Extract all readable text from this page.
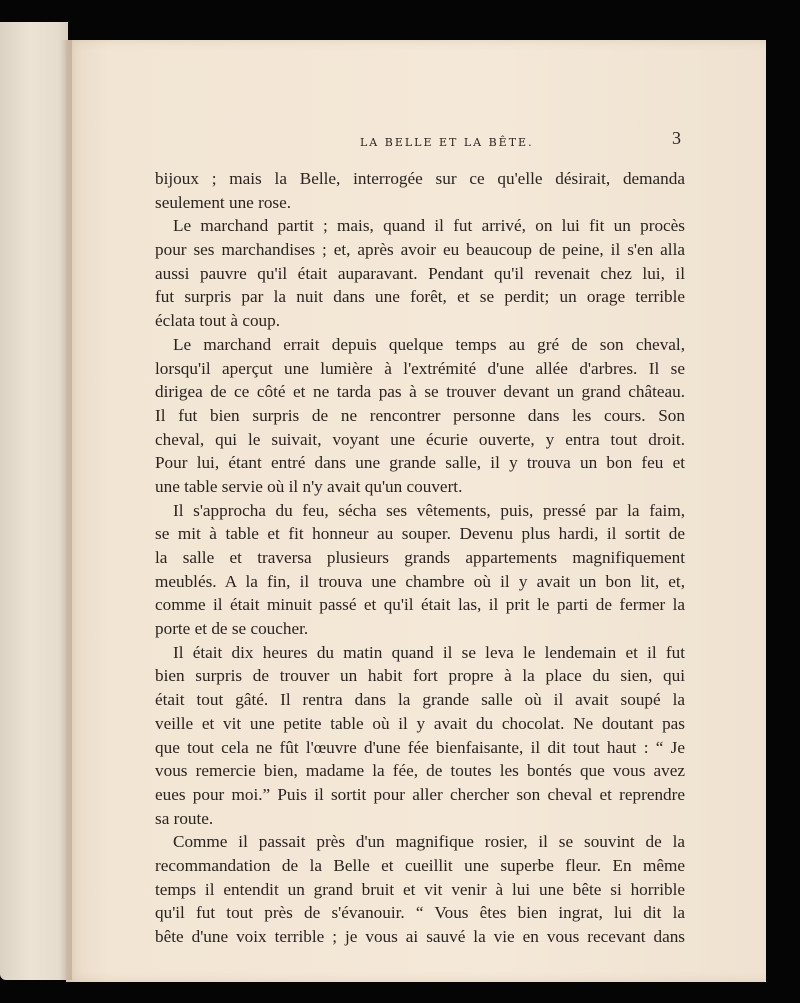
LA BELLE ET LA BÊTE.	3
bijoux ; mais la Belle, interrogée sur ce qu'elle désirait, demanda
seulement une rose.
Le marchand partit ; mais, quand il fut arrivé, on lui fit un procès
pour ses marchandises ; et, après avoir eu beaucoup de peine, il s'en alla
aussi pauvre qu'il était auparavant. Pendant qu'il revenait chez lui, il
fut surpris par la nuit dans une forêt, et se perdit; un orage terrible
éclata tout à coup.
Le marchand errait depuis quelque temps au gré de son cheval,
lorsqu'il aperçut une lumière à l'extrémité d'une allée d'arbres. Il se
dirigea de ce côté et ne tarda pas à se trouver devant un grand château.
Il fut bien surpris de ne rencontrer personne dans les cours. Son
cheval, qui le suivait, voyant une écurie ouverte, y entra tout droit.
Pour lui, étant entré dans une grande salle, il y trouva un bon feu et
une table servie où il n'y avait qu'un couvert.
Il s'approcha du feu, sécha ses vêtements, puis, pressé par la faim,
se mit à table et fit honneur au souper. Devenu plus hardi, il sortit de
la salle et traversa plusieurs grands appartements magnifiquement
meublés. A la fin, il trouva une chambre où il y avait un bon lit, et,
comme il était minuit passé et qu'il était las, il prit le parti de fermer la
porte et de se coucher.
Il était dix heures du matin quand il se leva le lendemain et il fut
bien surpris de trouver un habit fort propre à la place du sien, qui
était tout gâté. Il rentra dans la grande salle où il avait soupé la
veille et vit une petite table où il y avait du chocolat. Ne doutant pas
que tout cela ne fût l'œuvre d'une fée bienfaisante, il dit tout haut : “ Je
vous remercie bien, madame la fée, de toutes les bontés que vous avez
eues pour moi.” Puis il sortit pour aller chercher son cheval et reprendre
sa route.
Comme il passait près d'un magnifique rosier, il se souvint de la
recommandation de la Belle et cueillit une superbe fleur. En même
temps il entendit un grand bruit et vit venir à lui une bête si horrible
qu'il fut tout près de s'évanouir. “ Vous êtes bien ingrat, lui dit la
bête d'une voix terrible ; je vous ai sauvé la vie en vous recevant dans
